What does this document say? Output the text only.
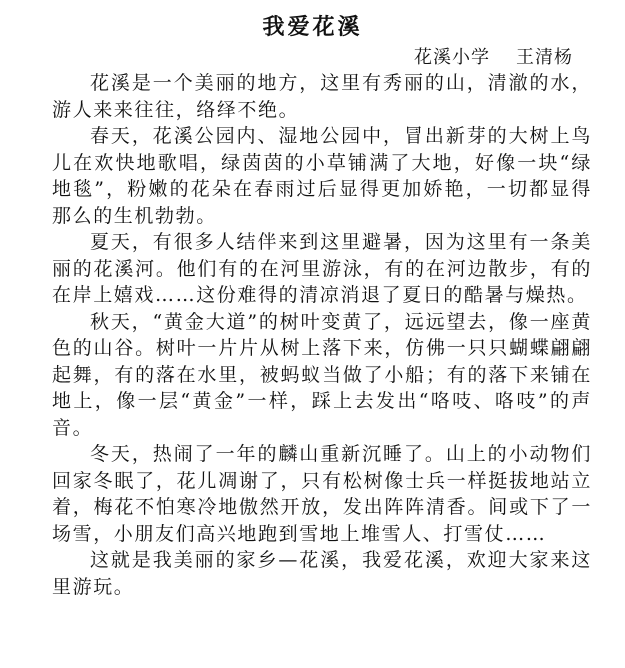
我爱花溪
花溪小学 王清杨

花溪是一个美丽的地方，这里有秀丽的山，清澈的水，游人来来往往，络绎不绝。

春天，花溪公园内、湿地公园中，冒出新芽的大树上鸟儿在欢快地歌唱，绿茵茵的小草铺满了大地，好像一块“绿地毯”，粉嫩的花朵在春雨过后显得更加娇艳，一切都显得那么的生机勃勃。

夏天，有很多人结伴来到这里避暑，因为这里有一条美丽的花溪河。他们有的在河里游泳，有的在河边散步，有的在岸上嬉戏……这份难得的清凉消退了夏日的酷暑与燥热。

秋天，“黄金大道”的树叶变黄了，远远望去，像一座黄色的山谷。树叶一片片从树上落下来，仿佛一只只蝴蝶翩翩起舞，有的落在水里，被蚂蚁当做了小船；有的落下来铺在地上，像一层“黄金”一样，踩上去发出“咯吱、咯吱”的声音。

冬天，热闹了一年的麟山重新沉睡了。山上的小动物们回家冬眠了，花儿凋谢了，只有松树像士兵一样挺拔地站立着，梅花不怕寒冷地傲然开放，发出阵阵清香。间或下了一场雪，小朋友们高兴地跑到雪地上堆雪人、打雪仗……

这就是我美丽的家乡—花溪，我爱花溪，欢迎大家来这里游玩。
